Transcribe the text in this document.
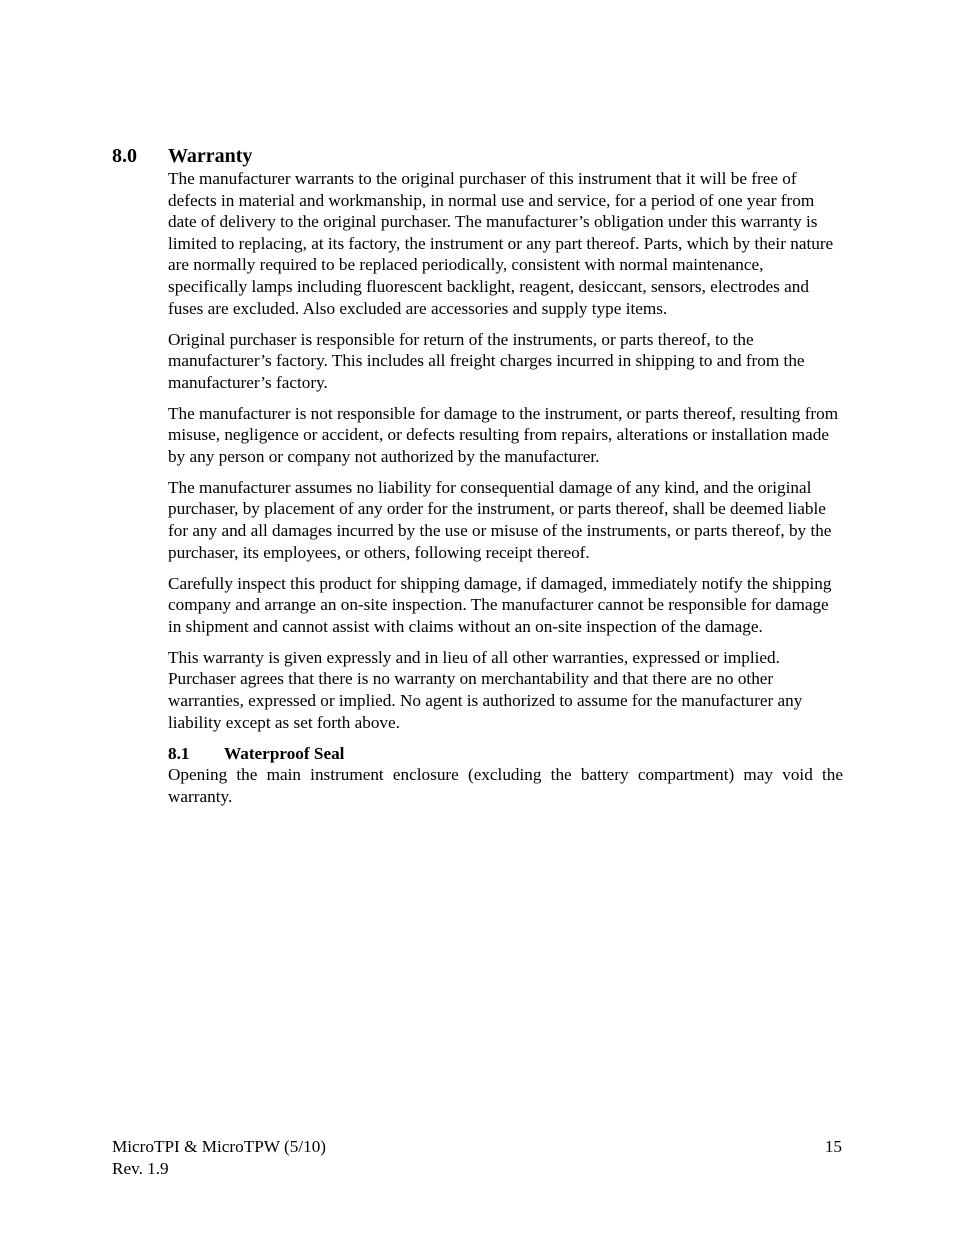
8.0 Warranty

The manufacturer warrants to the original purchaser of this instrument that it will be free of defects in material and workmanship, in normal use and service, for a period of one year from date of delivery to the original purchaser. The manufacturer’s obligation under this warranty is limited to replacing, at its factory, the instrument or any part thereof. Parts, which by their nature are normally required to be replaced periodically, consistent with normal maintenance, specifically lamps including fluorescent backlight, reagent, desiccant, sensors, electrodes and fuses are excluded. Also excluded are accessories and supply type items.

Original purchaser is responsible for return of the instruments, or parts thereof, to the manufacturer’s factory. This includes all freight charges incurred in shipping to and from the manufacturer’s factory.

The manufacturer is not responsible for damage to the instrument, or parts thereof, resulting from misuse, negligence or accident, or defects resulting from repairs, alterations or installation made by any person or company not authorized by the manufacturer.

The manufacturer assumes no liability for consequential damage of any kind, and the original purchaser, by placement of any order for the instrument, or parts thereof, shall be deemed liable for any and all damages incurred by the use or misuse of the instruments, or parts thereof, by the purchaser, its employees, or others, following receipt thereof.

Carefully inspect this product for shipping damage, if damaged, immediately notify the shipping company and arrange an on-site inspection. The manufacturer cannot be responsible for damage in shipment and cannot assist with claims without an on-site inspection of the damage.

This warranty is given expressly and in lieu of all other warranties, expressed or implied. Purchaser agrees that there is no warranty on merchantability and that there are no other warranties, expressed or implied. No agent is authorized to assume for the manufacturer any liability except as set forth above.

8.1 Waterproof Seal

Opening the main instrument enclosure (excluding the battery compartment) may void the warranty.

MicroTPI & MicroTPW (5/10)
Rev. 1.9
15
